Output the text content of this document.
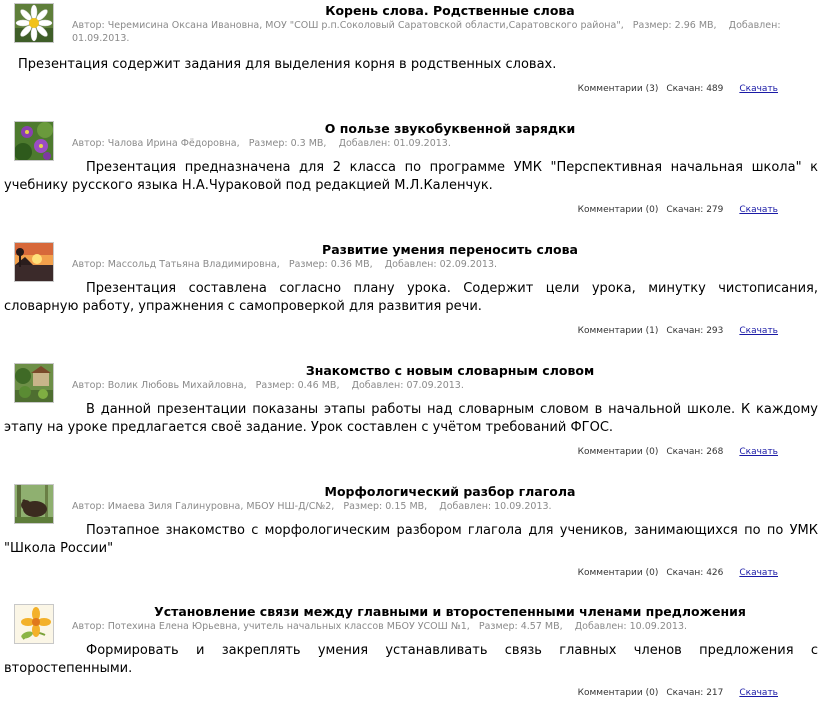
Корень слова. Родственные слова
Автор: Черемисина Оксана Ивановна, МОУ "СОШ р.п.Соколовый Саратовской области,Саратовского района", Размер: 2.96 MB, Добавлен: 01.09.2013.
Презентация содержит задания для выделения корня в родственных словах.
Комментарии (3) Скачан: 489 Скачать
О пользе звукобуквенной зарядки
Автор: Чалова Ирина Фёдоровна, Размер: 0.3 MB, Добавлен: 01.09.2013.
Презентация предназначена для 2 класса по программе УМК "Перспективная начальная школа" к учебнику русского языка Н.А.Чураковой под редакцией М.Л.Каленчук.
Комментарии (0) Скачан: 279 Скачать
Развитие умения переносить слова
Автор: Массольд Татьяна Владимировна, Размер: 0.36 MB, Добавлен: 02.09.2013.
Презентация составлена согласно плану урока. Содержит цели урока, минутку чистописания, словарную работу, упражнения с самопроверкой для развития речи.
Комментарии (1) Скачан: 293 Скачать
Знакомство с новым словарным словом
Автор: Волик Любовь Михайловна, Размер: 0.46 MB, Добавлен: 07.09.2013.
В данной презентации показаны этапы работы над словарным словом в начальной школе. К каждому этапу на уроке предлагается своё задание. Урок составлен с учётом требований ФГОС.
Комментарии (0) Скачан: 268 Скачать
Морфологический разбор глагола
Автор: Имаева Зиля Галинуровна, МБОУ НШ-Д/С№2, Размер: 0.15 MB, Добавлен: 10.09.2013.
Поэтапное знакомство с морфологическим разбором глагола для учеников, занимающихся по по УМК "Школа России"
Комментарии (0) Скачан: 426 Скачать
Установление связи между главными и второстепенными членами предложения
Автор: Потехина Елена Юрьевна, учитель начальных классов МБОУ УСОШ №1, Размер: 4.57 MB, Добавлен: 10.09.2013.
Формировать и закреплять умения устанавливать связь главных членов предложения с второстепенными.
Комментарии (0) Скачан: 217 Скачать
